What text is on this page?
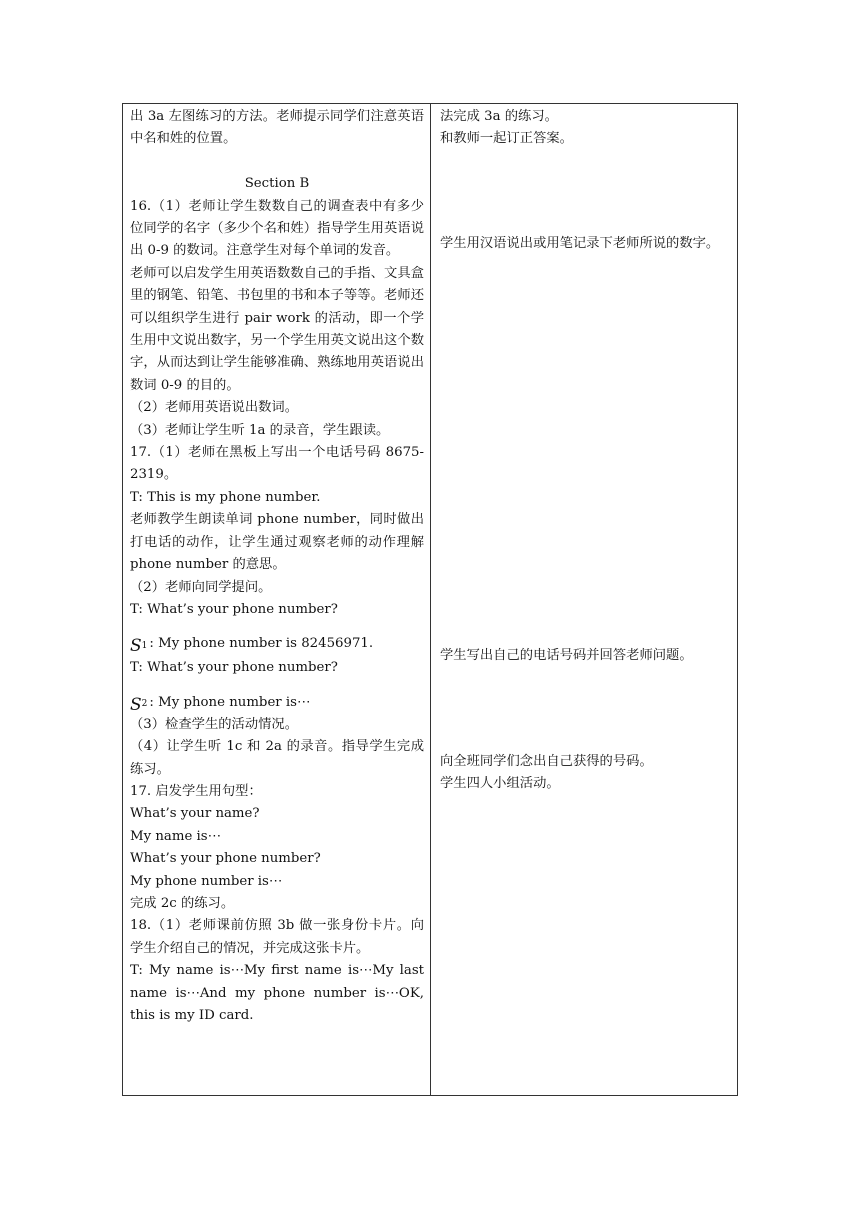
出 3a 左图练习的方法。老师提示同学们注意英语中名和姓的位置。

Section B

16.（1）老师让学生数数自己的调查表中有多少位同学的名字（多少个名和姓）指导学生用英语说出 0-9 的数词。注意学生对每个单词的发音。

老师可以启发学生用英语数数自己的手指、文具盒里的钢笔、铅笔、书包里的书和本子等等。老师还可以组织学生进行 pair work 的活动，即一个学生用中文说出数字，另一个学生用英文说出这个数字，从而达到让学生能够准确、熟练地用英语说出数词 0-9 的目的。

（2）老师用英语说出数词。

（3）老师让学生听 1a 的录音，学生跟读。

17.（1）老师在黑板上写出一个电话号码 8675-2319。

T: This is my phone number.

老师教学生朗读单词 phone number，同时做出打电话的动作，让学生通过观察老师的动作理解 phone number 的意思。

（2）老师向同学提问。

T: What’s your phone number?

S 1 : My phone number is 82456971.

T: What’s your phone number?

S 2 : My phone number is⋯

（3）检查学生的活动情况。

（4）让学生听 1c 和 2a 的录音。指导学生完成练习。

17. 启发学生用句型：

What’s your name?

My name is⋯

What’s your phone number?

My phone number is⋯

完成 2c 的练习。

18.（1）老师课前仿照 3b 做一张身份卡片。向学生介绍自己的情况，并完成这张卡片。

T: My name is⋯My first name is⋯My last name is⋯And my phone number is⋯OK, this is my ID card.

法完成 3a 的练习。

和教师一起订正答案。

学生用汉语说出或用笔记录下老师所说的数字。

学生写出自己的电话号码并回答老师问题。

向全班同学们念出自己获得的号码。

学生四人小组活动。
